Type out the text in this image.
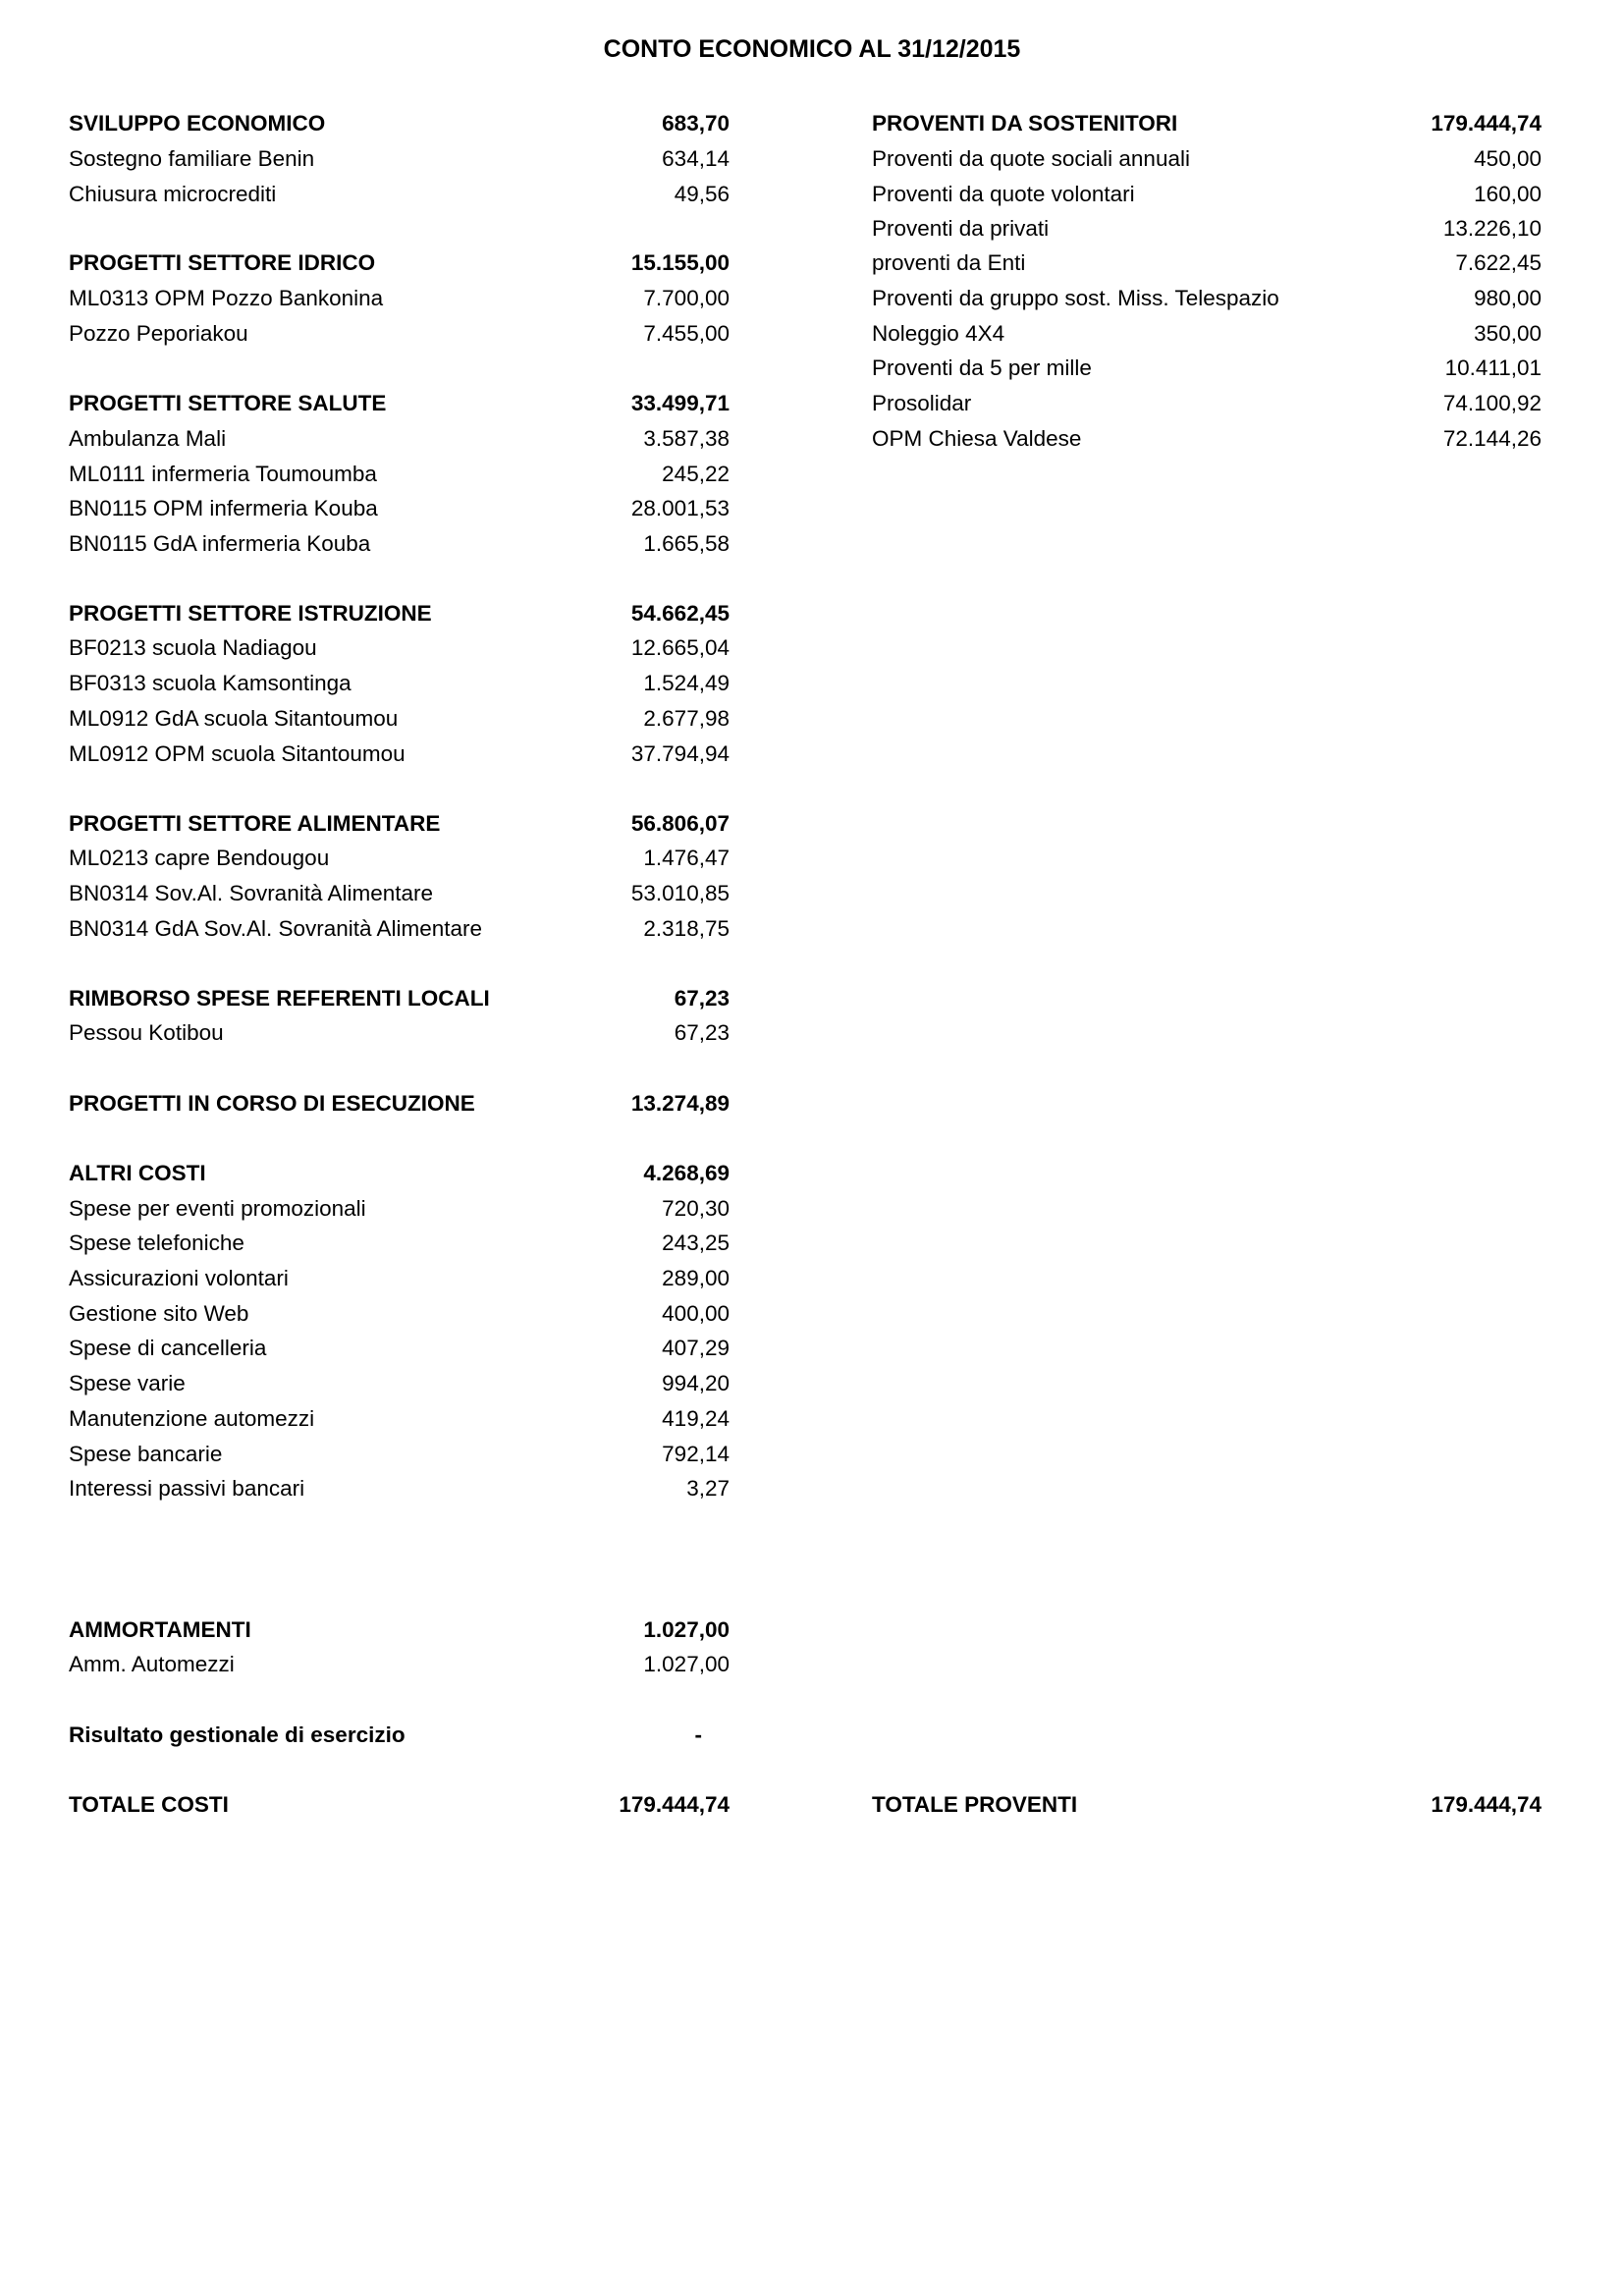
CONTO ECONOMICO AL 31/12/2015
SVILUPPO ECONOMICO	683,70
Sostegno familiare Benin	634,14
Chiusura microcrediti	49,56
PROGETTI SETTORE IDRICO	15.155,00
ML0313 OPM Pozzo Bankonina	7.700,00
Pozzo Peporiakou	7.455,00
PROGETTI SETTORE SALUTE	33.499,71
Ambulanza Mali	3.587,38
ML0111 infermeria Toumoumba	245,22
BN0115 OPM infermeria Kouba	28.001,53
BN0115 GdA infermeria Kouba	1.665,58
PROGETTI SETTORE ISTRUZIONE	54.662,45
BF0213 scuola Nadiagou	12.665,04
BF0313 scuola Kamsontinga	1.524,49
ML0912 GdA scuola Sitantoumou	2.677,98
ML0912 OPM scuola Sitantoumou	37.794,94
PROGETTI SETTORE ALIMENTARE	56.806,07
ML0213 capre Bendougou	1.476,47
BN0314 Sov.Al. Sovranità Alimentare	53.010,85
BN0314 GdA Sov.Al. Sovranità Alimentare	2.318,75
RIMBORSO SPESE REFERENTI LOCALI	67,23
Pessou Kotibou	67,23
PROGETTI IN CORSO DI ESECUZIONE	13.274,89
ALTRI COSTI	4.268,69
Spese per eventi promozionali	720,30
Spese telefoniche	243,25
Assicurazioni volontari	289,00
Gestione sito Web	400,00
Spese di cancelleria	407,29
Spese varie	994,20
Manutenzione automezzi	419,24
Spese bancarie	792,14
Interessi passivi bancari	3,27
AMMORTAMENTI	1.027,00
Amm. Automezzi	1.027,00
Risultato gestionale di esercizio	-
TOTALE COSTI	179.444,74
PROVENTI DA SOSTENITORI	179.444,74
Proventi da quote sociali annuali	450,00
Proventi da quote volontari	160,00
Proventi da privati	13.226,10
proventi da Enti	7.622,45
Proventi da gruppo sost. Miss. Telespazio	980,00
Noleggio 4X4	350,00
Proventi da 5 per mille	10.411,01
Prosolidar	74.100,92
OPM Chiesa Valdese	72.144,26
TOTALE PROVENTI	179.444,74
